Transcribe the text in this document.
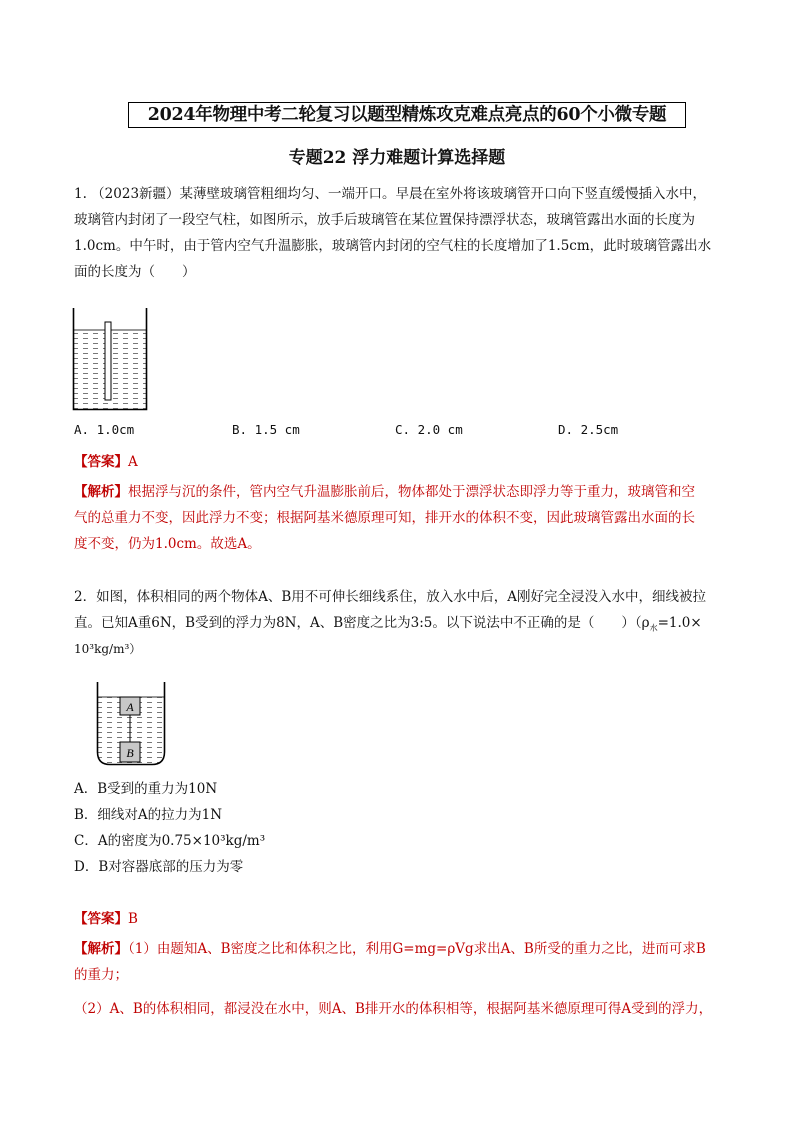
2024年物理中考二轮复习以题型精炼攻克难点亮点的60个小微专题
专题22 浮力难题计算选择题
1. （2023新疆）某薄壁玻璃管粗细均匀、一端开口。早晨在室外将该玻璃管开口向下竖直缓慢插入水中，
玻璃管内封闭了一段空气柱，如图所示，放手后玻璃管在某位置保持漂浮状态，玻璃管露出水面的长度为
1.0cm。中午时，由于管内空气升温膨胀，玻璃管内封闭的空气柱的长度增加了1.5cm，此时玻璃管露出水
面的长度为（　　）
A. 1.0cm	B. 1.5 cm	C. 2.0 cm	D. 2.5cm
【答案】A
【解析】根据浮与沉的条件，管内空气升温膨胀前后，物体都处于漂浮状态即浮力等于重力，玻璃管和空
气的总重力不变，因此浮力不变；根据阿基米德原理可知，排开水的体积不变，因此玻璃管露出水面的长
度不变，仍为1.0cm。故选A。
2．如图，体积相同的两个物体A、B用不可伸长细线系住，放入水中后，A刚好完全浸没入水中，细线被拉
直。已知A重6N，B受到的浮力为8N，A、B密度之比为3:5。以下说法中不正确的是（　　）（$\rho_水=1.0\times$
10³kg/m³）
A
B
A．B受到的重力为10N
B．细线对A的拉力为1N
C．A的密度为0.75×10³kg/m³
D．B对容器底部的压力为零
【答案】B
【解析】（1）由题知A、B密度之比和体积之比，利用G=mg=ρVg求出A、B所受的重力之比，进而可求B
的重力；
（2）A、B的体积相同，都浸没在水中，则A、B排开水的体积相等，根据阿基米德原理可得A受到的浮力，
